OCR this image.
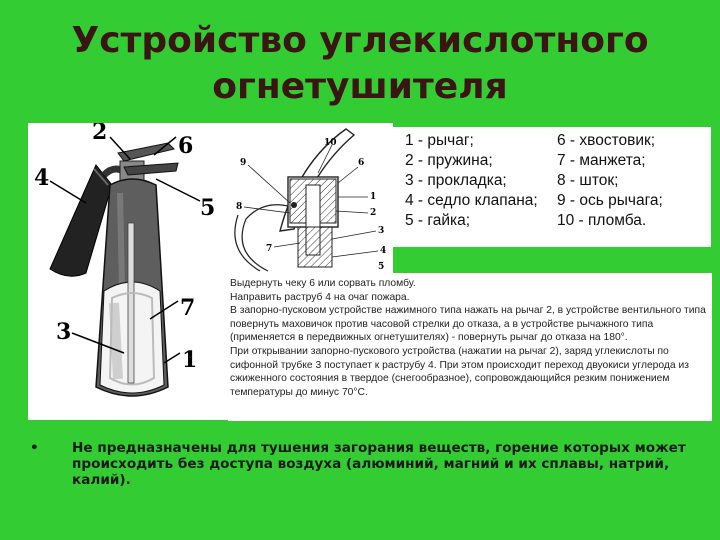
Устройство углекислотного
огнетушителя
2
6
4
5
7
3
1
10
9
8
7
6
1
2
3
4
5
1 - рычаг;	6 - хвостовик;
2 - пружина;	7 - манжета;
3 - прокладка;	8 - шток;
4 - седло клапана;	9 - ось рычага;
5 - гайка;	10 - пломба.

Выдернуть чеку 6 или сорвать пломбу.

Направить раструб 4 на очаг пожара.

В запорно-пусковом устройстве нажимного типа нажать на рычаг 2, в устройстве вентильного типа повернуть маховичок против часовой стрелки до отказа, а в устройстве рычажного типа (применяется в передвижных огнетушителях) - повернуть рычаг до отказа на 180°.

При открывании запорно-пускового устройства (нажатии на рычаг 2), заряд углекислоты по сифонной трубке 3 поступает к раструбу 4. При этом происходит переход двуокиси углерода из сжиженного состояния в твердое (снегообразное), сопровождающийся резким понижением температуры до минус 70°С.

• Не предназначены для тушения загорания веществ, горение которых может происходить без доступа воздуха (алюминий, магний и их сплавы, натрий, калий).
